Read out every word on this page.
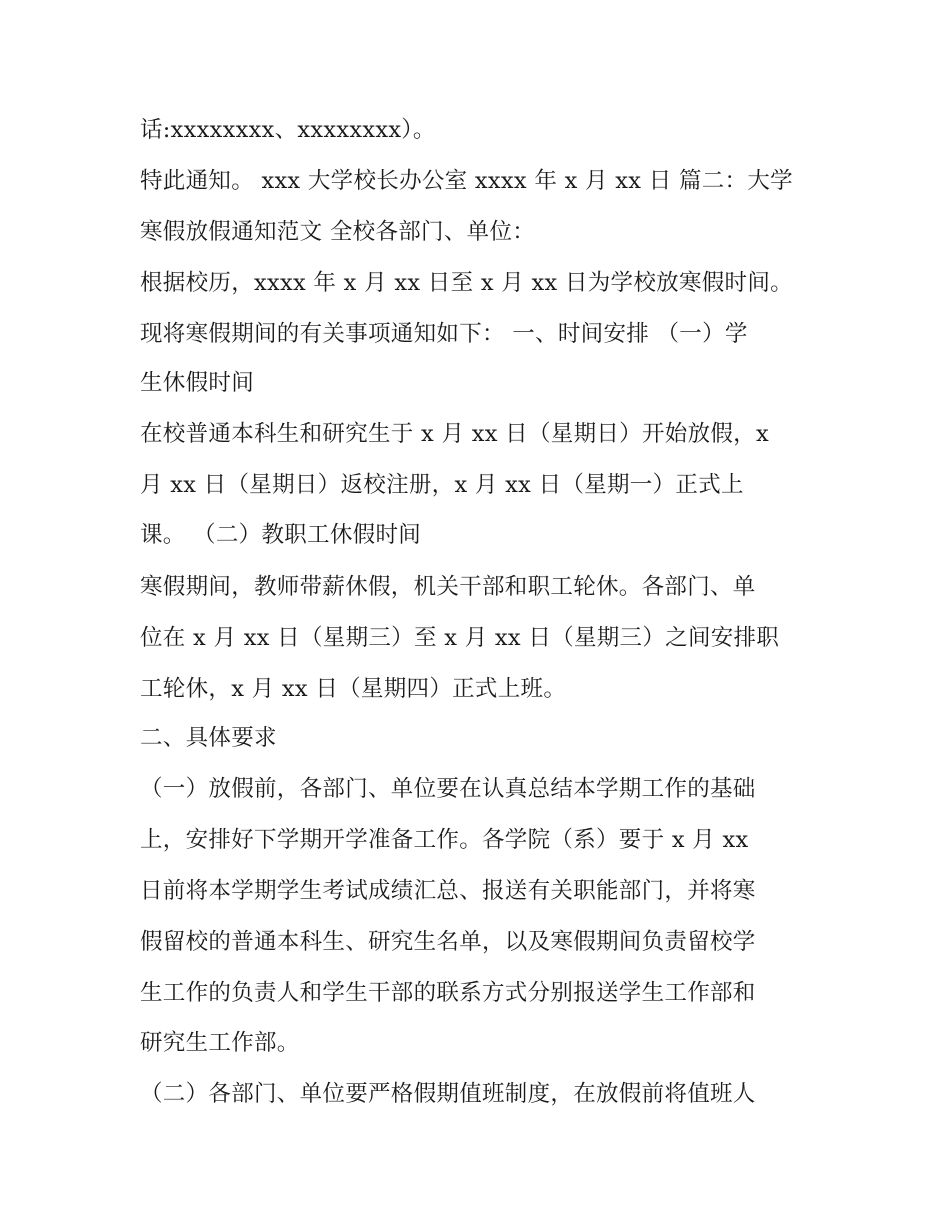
话:xxxxxxxx、xxxxxxxx）。

特此通知。 xxx 大学校长办公室 xxxx 年 x 月 xx 日 篇二：大学

寒假放假通知范文 全校各部门、单位：

根据校历，xxxx 年 x 月 xx 日至 x 月 xx 日为学校放寒假时间。

现将寒假期间的有关事项通知如下： 一、时间安排 （一）学

生休假时间

在校普通本科生和研究生于 x 月 xx 日（星期日）开始放假，x

月 xx 日（星期日）返校注册，x 月 xx 日（星期一）正式上

课。 （二）教职工休假时间

寒假期间，教师带薪休假，机关干部和职工轮休。各部门、单

位在 x 月 xx 日（星期三）至 x 月 xx 日（星期三）之间安排职

工轮休，x 月 xx 日（星期四）正式上班。

二、具体要求

（一）放假前，各部门、单位要在认真总结本学期工作的基础

上，安排好下学期开学准备工作。各学院（系）要于 x 月 xx

日前将本学期学生考试成绩汇总、报送有关职能部门，并将寒

假留校的普通本科生、研究生名单，以及寒假期间负责留校学

生工作的负责人和学生干部的联系方式分别报送学生工作部和

研究生工作部。

（二）各部门、单位要严格假期值班制度，在放假前将值班人
